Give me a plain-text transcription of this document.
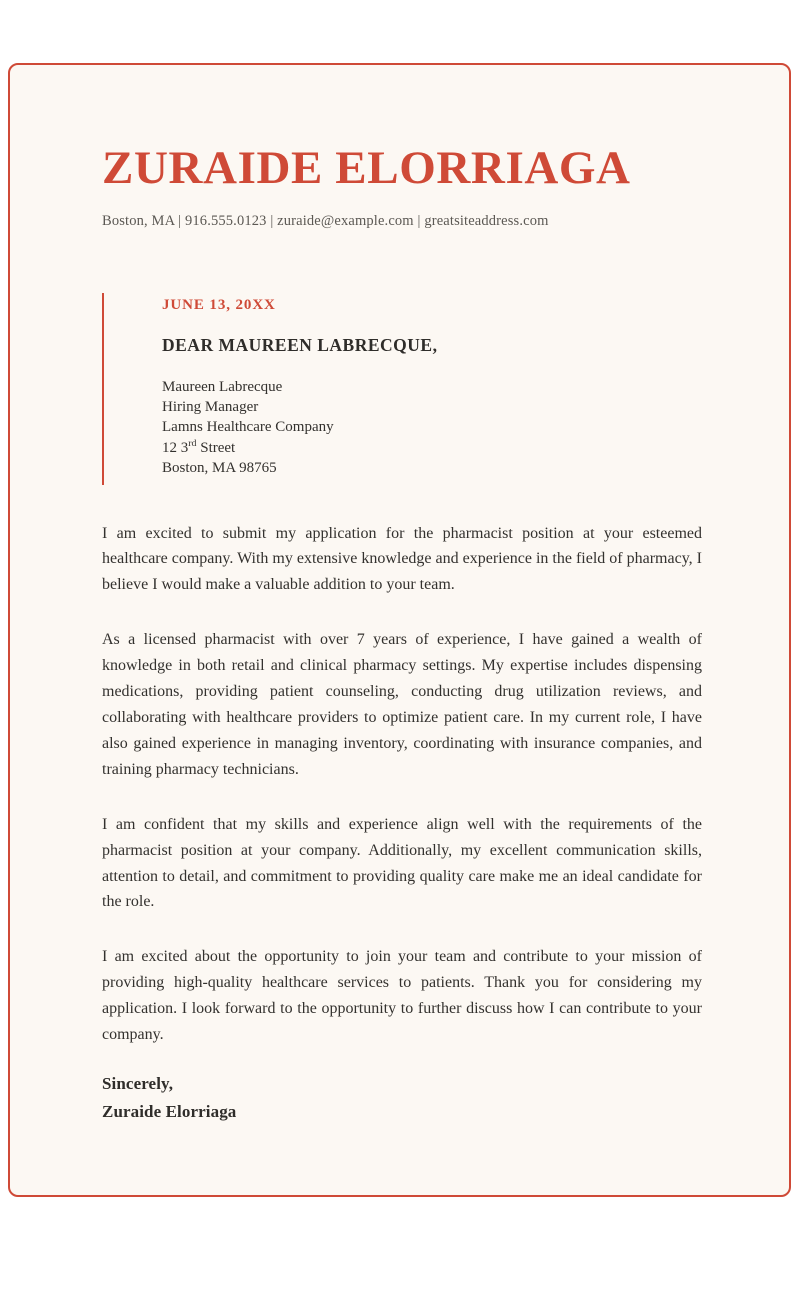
ZURAIDE ELORRIAGA

Boston, MA | 916.555.0123 | zuraide@example.com | greatsiteaddress.com

JUNE 13, 20XX

DEAR MAUREEN LABRECQUE,

Maureen Labrecque
Hiring Manager
Lamns Healthcare Company
12 3rd Street
Boston, MA 98765

I am excited to submit my application for the pharmacist position at your esteemed healthcare company. With my extensive knowledge and experience in the field of pharmacy, I believe I would make a valuable addition to your team.

As a licensed pharmacist with over 7 years of experience, I have gained a wealth of knowledge in both retail and clinical pharmacy settings. My expertise includes dispensing medications, providing patient counseling, conducting drug utilization reviews, and collaborating with healthcare providers to optimize patient care. In my current role, I have also gained experience in managing inventory, coordinating with insurance companies, and training pharmacy technicians.

I am confident that my skills and experience align well with the requirements of the pharmacist position at your company. Additionally, my excellent communication skills, attention to detail, and commitment to providing quality care make me an ideal candidate for the role.

I am excited about the opportunity to join your team and contribute to your mission of providing high-quality healthcare services to patients. Thank you for considering my application. I look forward to the opportunity to further discuss how I can contribute to your company.

Sincerely,
Zuraide Elorriaga
